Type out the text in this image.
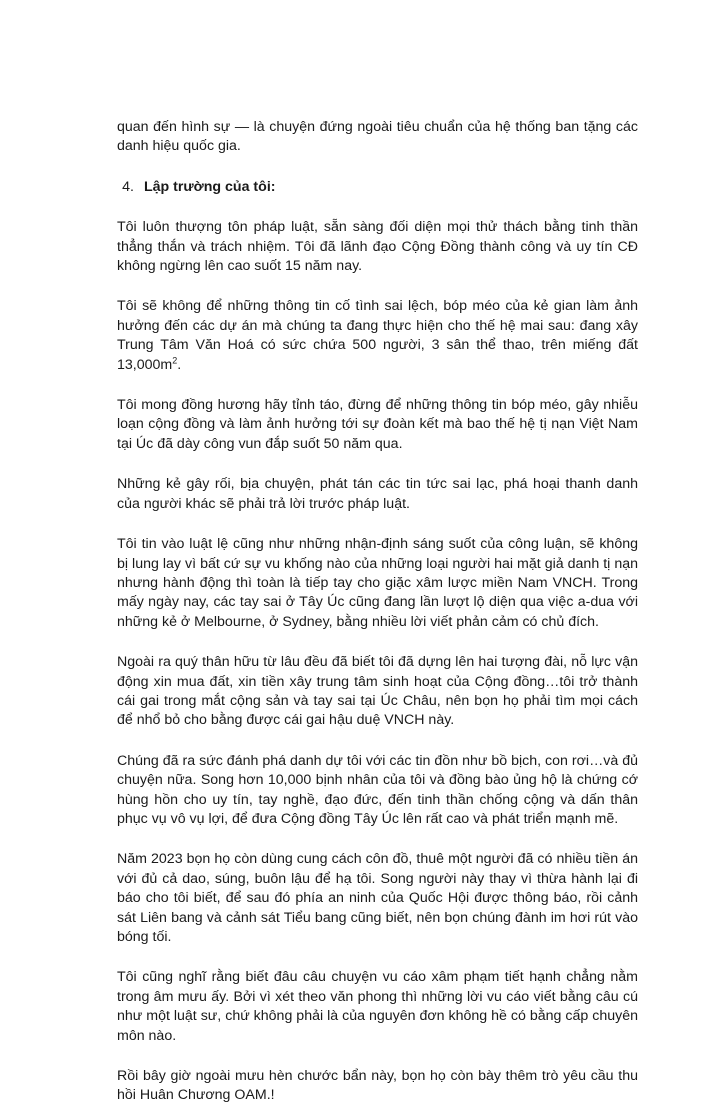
quan đến hình sự — là chuyện đứng ngoài tiêu chuẩn của hệ thống ban tặng các danh hiệu quốc gia.

4. Lập trường của tôi:

Tôi luôn thượng tôn pháp luật, sẵn sàng đối diện mọi thử thách bằng tinh thần thẳng thắn và trách nhiệm. Tôi đã lãnh đạo Cộng Đồng thành công và uy tín CĐ không ngừng lên cao suốt 15 năm nay.

Tôi sẽ không để những thông tin cố tình sai lệch, bóp méo của kẻ gian làm ảnh hưởng đến các dự án mà chúng ta đang thực hiện cho thế hệ mai sau: đang xây Trung Tâm Văn Hoá có sức chứa 500 người, 3 sân thể thao, trên miếng đất $13,000m^2$.

Tôi mong đồng hương hãy tỉnh táo, đừng để những thông tin bóp méo, gây nhiễu loạn cộng đồng và làm ảnh hưởng tới sự đoàn kết mà bao thế hệ tị nạn Việt Nam tại Úc đã dày công vun đắp suốt 50 năm qua.

Những kẻ gây rối, bịa chuyện, phát tán các tin tức sai lạc, phá hoại thanh danh của người khác sẽ phải trả lời trước pháp luật.

Tôi tin vào luật lệ cũng như những nhận-định sáng suốt của công luận, sẽ không bị lung lay vì bất cứ sự vu khống nào của những loại người hai mặt giả danh tị nạn nhưng hành động thì toàn là tiếp tay cho giặc xâm lược miền Nam VNCH. Trong mấy ngày nay, các tay sai ở Tây Úc cũng đang lần lượt lộ diện qua việc a-dua với những kẻ ở Melbourne, ở Sydney, bằng nhiều lời viết phản cảm có chủ đích.

Ngoài ra quý thân hữu từ lâu đều đã biết tôi đã dựng lên hai tượng đài, nỗ lực vận động xin mua đất, xin tiền xây trung tâm sinh hoạt của Cộng đồng…tôi trở thành cái gai trong mắt cộng sản và tay sai tại Úc Châu, nên bọn họ phải tìm mọi cách để nhổ bỏ cho bằng được cái gai hậu duệ VNCH này.

Chúng đã ra sức đánh phá danh dự tôi với các tin đồn như bồ bịch, con rơi…và đủ chuyện nữa. Song hơn 10,000 bịnh nhân của tôi và đồng bào ủng hộ là chứng cớ hùng hồn cho uy tín, tay nghề, đạo đức, đến tinh thần chống cộng và dấn thân phục vụ vô vụ lợi, để đưa Cộng đồng Tây Úc lên rất cao và phát triển mạnh mẽ.

Năm 2023 bọn họ còn dùng cung cách côn đồ, thuê một người đã có nhiều tiền án với đủ cả dao, súng, buôn lậu để hạ tôi. Song người này thay vì thừa hành lại đi báo cho tôi biết, để sau đó phía an ninh của Quốc Hội được thông báo, rồi cảnh sát Liên bang và cảnh sát Tiểu bang cũng biết, nên bọn chúng đành im hơi rút vào bóng tối.

Tôi cũng nghĩ rằng biết đâu câu chuyện vu cáo xâm phạm tiết hạnh chẳng nằm trong âm mưu ấy. Bởi vì xét theo văn phong thì những lời vu cáo viết bằng câu cú như một luật sư, chứ không phải là của nguyên đơn không hề có bằng cấp chuyên môn nào.

Rồi bây giờ ngoài mưu hèn chước bẩn này, bọn họ còn bày thêm trò yêu cầu thu hồi Huân Chương OAM.!
